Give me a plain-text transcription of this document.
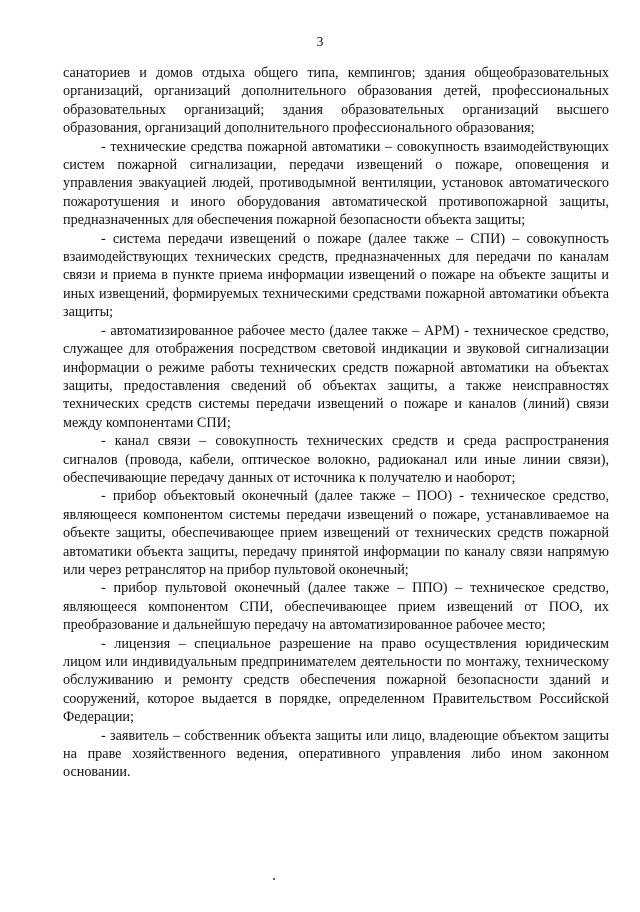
3

санаториев и домов отдыха общего типа, кемпингов; здания общеобразовательных организаций, организаций дополнительного образования детей, профессиональных образовательных организаций; здания образовательных организаций высшего образования, организаций дополнительного профессионального образования;

- технические средства пожарной автоматики – совокупность взаимодействующих систем пожарной сигнализации, передачи извещений о пожаре, оповещения и управления эвакуацией людей, противодымной вентиляции, установок автоматического пожаротушения и иного оборудования автоматической противопожарной защиты, предназначенных для обеспечения пожарной безопасности объекта защиты;

- система передачи извещений о пожаре (далее также – СПИ) – совокупность взаимодействующих технических средств, предназначенных для передачи по каналам связи и приема в пункте приема информации извещений о пожаре на объекте защиты и иных извещений, формируемых техническими средствами пожарной автоматики объекта защиты;

- автоматизированное рабочее место (далее также – АРМ) - техническое средство, служащее для отображения посредством световой индикации и звуковой сигнализации информации о режиме работы технических средств пожарной автоматики на объектах защиты, предоставления сведений об объектах защиты, а также неисправностях технических средств системы передачи извещений о пожаре и каналов (линий) связи между компонентами СПИ;

- канал связи – совокупность технических средств и среда распространения сигналов (провода, кабели, оптическое волокно, радиоканал или иные линии связи), обеспечивающие передачу данных от источника к получателю и наоборот;

- прибор объектовый оконечный (далее также – ПОО) - техническое средство, являющееся компонентом системы передачи извещений о пожаре, устанавливаемое на объекте защиты, обеспечивающее прием извещений от технических средств пожарной автоматики объекта защиты, передачу принятой информации по каналу связи напрямую или через ретранслятор на прибор пультовой оконечный;

- прибор пультовой оконечный (далее также – ППО) – техническое средство, являющееся компонентом СПИ, обеспечивающее прием извещений от ПОО, их преобразование и дальнейшую передачу на автоматизированное рабочее место;

- лицензия – специальное разрешение на право осуществления юридическим лицом или индивидуальным предпринимателем деятельности по монтажу, техническому обслуживанию и ремонту средств обеспечения пожарной безопасности зданий и сооружений, которое выдается в порядке, определенном Правительством Российской Федерации;

- заявитель – собственник объекта защиты или лицо, владеющие объектом защиты на праве хозяйственного ведения, оперативного управления либо ином законном основании.
